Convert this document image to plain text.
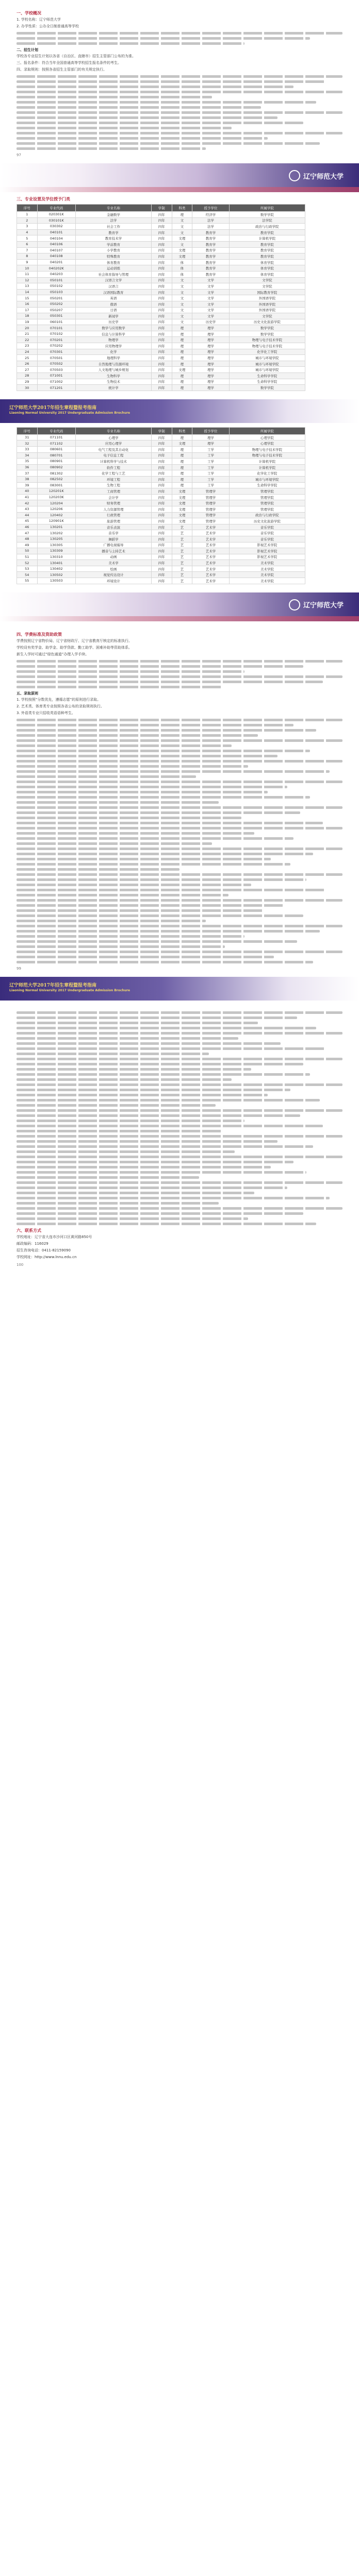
一、学校概况

1. 学校名称：辽宁师范大学

2. 办学性质：公办全日制普通高等学校

二、招生计划

学校各专业招生计划以各省（自治区、直辖市）招生主管部门公布的为准。

三、报名条件：符合当年全国普通高等学校招生报名条件的考生。

四、录取规则：按照各省招生主管部门的有关规定执行。

97
辽宁师范大学
三、专业设置及学位授予门类
序号	专业代码	专业名称	学制	科类	授予学位	所属学院
1	020301K	金融数学	四年	理	经济学	数学学院
2	030101K	法学	四年	文	法学	法学院
3	030302	社会工作	四年	文	法学	政治与行政学院
4	040101	教育学	四年	文	教育学	教育学院
5	040104	教育技术学	四年	文理	教育学	计算机学院
6	040106	学前教育	四年	文	教育学	教育学院
7	040107	小学教育	四年	文理	教育学	教育学院
8	040108	特殊教育	四年	文理	教育学	教育学院
9	040201	体育教育	四年	体	教育学	体育学院
10	040202K	运动训练	四年	体	教育学	体育学院
11	040203	社会体育指导与管理	四年	体	教育学	体育学院
12	050101	汉语言文学	四年	文	文学	文学院
13	050102	汉语言	四年	文	文学	文学院
14	050103	汉语国际教育	四年	文	文学	国际教育学院
15	050201	英语	四年	文	文学	外国语学院
16	050202	俄语	四年	文	文学	外国语学院
17	050207	日语	四年	文	文学	外国语学院
18	050301	新闻学	四年	文	文学	文学院
19	060101	历史学	四年	文	历史学	历史文化旅游学院
20	070101	数学与应用数学	四年	理	理学	数学学院
21	070102	信息与计算科学	四年	理	理学	数学学院
22	070201	物理学	四年	理	理学	物理与电子技术学院
23	070202	应用物理学	四年	理	理学	物理与电子技术学院
24	070301	化学	四年	理	理学	化学化工学院
25	070501	地理科学	四年	理	理学	城市与环境学院
26	070502	自然地理与资源环境	四年	理	理学	城市与环境学院
27	070503	人文地理与城乡规划	四年	文理	理学	城市与环境学院
28	071001	生物科学	四年	理	理学	生命科学学院
29	071002	生物技术	四年	理	理学	生命科学学院
30	071201	统计学	四年	理	理学	数学学院
辽宁师范大学2017年招生章程暨报考指南
Liaoning Normal University 2017 Undergraduate Admission Brochure
序号	专业代码	专业名称	学制	科类	授予学位	所属学院
31	071101	心理学	四年	理	理学	心理学院
32	071102	应用心理学	四年	文理	理学	心理学院
33	080601	电气工程及其自动化	四年	理	工学	物理与电子技术学院
34	080701	电子信息工程	四年	理	工学	物理与电子技术学院
35	080901	计算机科学与技术	四年	理	工学	计算机学院
36	080902	软件工程	四年	理	工学	计算机学院
37	081302	化学工程与工艺	四年	理	工学	化学化工学院
38	082502	环境工程	四年	理	工学	城市与环境学院
39	083001	生物工程	四年	理	工学	生命科学学院
40	120201K	工商管理	四年	文理	管理学	管理学院
41	120203K	会计学	四年	文理	管理学	管理学院
42	120204	财务管理	四年	文理	管理学	管理学院
43	120206	人力资源管理	四年	文理	管理学	管理学院
44	120402	行政管理	四年	文理	管理学	政治与行政学院
45	120901K	旅游管理	四年	文理	管理学	历史文化旅游学院
46	130201	音乐表演	四年	艺	艺术学	音乐学院
47	130202	音乐学	四年	艺	艺术学	音乐学院
48	130205	舞蹈学	四年	艺	艺术学	音乐学院
49	130305	广播电视编导	四年	艺	艺术学	影视艺术学院
50	130309	播音与主持艺术	四年	艺	艺术学	影视艺术学院
51	130310	动画	四年	艺	艺术学	影视艺术学院
52	130401	美术学	四年	艺	艺术学	美术学院
53	130402	绘画	四年	艺	艺术学	美术学院
54	130502	视觉传达设计	四年	艺	艺术学	美术学院
55	130503	环境设计	四年	艺	艺术学	美术学院
辽宁师范大学
四、学费标准及资助政策

学费按照辽宁省物价局、辽宁省财政厅、辽宁省教育厅核定的标准执行。

学校设有奖学金、助学金、助学贷款、勤工助学、困难补助等资助体系。

新生入学时可通过“绿色通道”办理入学手续。

五、录取原则

1. 学校按照“分数优先，遵循志愿”的原则进行录取。

2. 艺术类、体育类专业按照各省公布的录取规则执行。

3. 外语类专业只招收英语语种考生。

99
辽宁师范大学2017年招生章程暨报考指南
Liaoning Normal University 2017 Undergraduate Admission Brochure
六、联系方式

学校地址：辽宁省大连市沙河口区黄河路850号

邮政编码：116029

招生咨询电话：0411-82159090

学校网址：http://www.lnnu.edu.cn

100
